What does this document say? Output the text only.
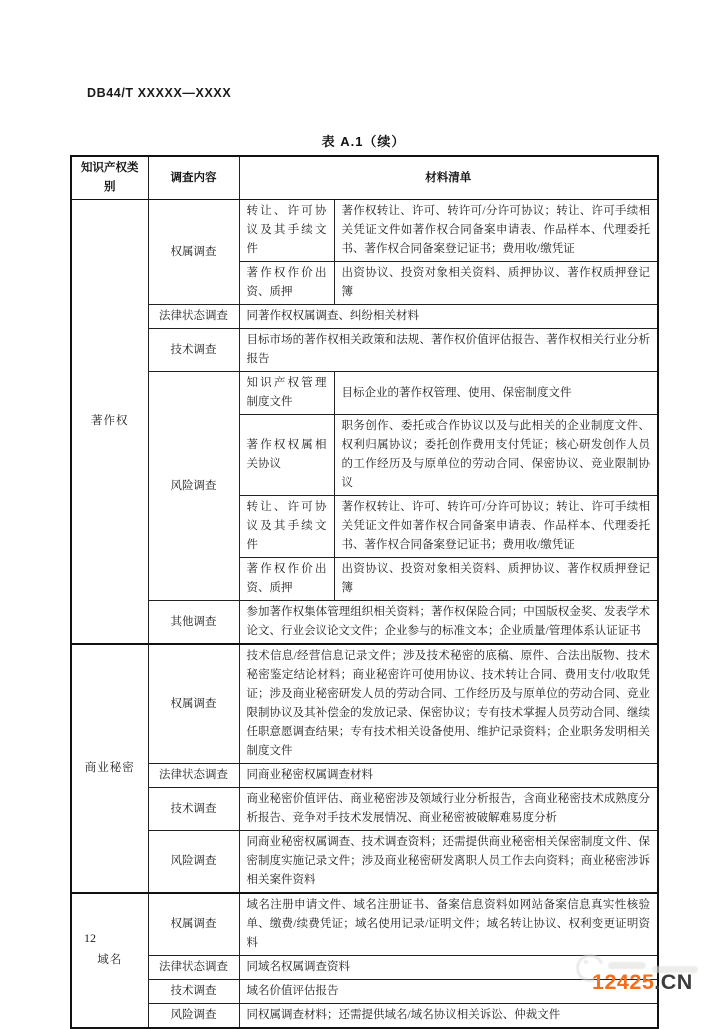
DB44/T XXXXX—XXXX
表 A.1（续）
知识产权类别	调查内容	材料清单	
著作权	权属调查	转让、许可协议及其手续文件	著作权转让、许可、转许可/分许可协议；转让、许可手续相关凭证文件如著作权合同备案申请表、作品样本、代理委托书、著作权合同备案登记证书；费用收/缴凭证
		著作权作价出资、质押	出资协议、投资对象相关资料、质押协议、著作权质押登记簿
	法律状态调查	同著作权权属调查、纠纷相关材料	
	技术调查	目标市场的著作权相关政策和法规、著作权价值评估报告、著作权相关行业分析报告	
	风险调查	知识产权管理制度文件	目标企业的著作权管理、使用、保密制度文件
		著作权权属相关协议	职务创作、委托或合作协议以及与此相关的企业制度文件、权利归属协议；委托创作费用支付凭证；核心研发创作人员的工作经历及与原单位的劳动合同、保密协议、竞业限制协议
		转让、许可协议及其手续文件	著作权转让、许可、转许可/分许可协议；转让、许可手续相关凭证文件如著作权合同备案申请表、作品样本、代理委托书、著作权合同备案登记证书；费用收/缴凭证
		著作权作价出资、质押	出资协议、投资对象相关资料、质押协议、著作权质押登记簿
	其他调查	参加著作权集体管理组织相关资料；著作权保险合同；中国版权金奖、发表学术论文、行业会议论文文件；企业参与的标准文本；企业质量/管理体系认证证书	
商业秘密	权属调查	技术信息/经营信息记录文件；涉及技术秘密的底稿、原件、合法出版物、技术秘密鉴定结论材料；商业秘密许可使用协议、技术转让合同、费用支付/收取凭证；涉及商业秘密研发人员的劳动合同、工作经历及与原单位的劳动合同、竞业限制协议及其补偿金的发放记录、保密协议；专有技术掌握人员劳动合同、继续任职意愿调查结果；专有技术相关设备使用、维护记录资料；企业职务发明相关制度文件	
	法律状态调查	同商业秘密权属调查材料	
	技术调查	商业秘密价值评估、商业秘密涉及领域行业分析报告，含商业秘密技术成熟度分析报告、竞争对手技术发展情况、商业秘密被破解难易度分析	
	风险调查	同商业秘密权属调查、技术调查资料；还需提供商业秘密相关保密制度文件、保密制度实施记录文件；涉及商业秘密研发离职人员工作去向资料；商业秘密涉诉相关案件资料	
域名	权属调查	域名注册申请文件、域名注册证书、备案信息资料如网站备案信息真实性核验单、缴费/续费凭证；域名使用记录/证明文件；域名转让协议、权利变更证明资料	
	法律状态调查	同域名权属调查资料	
	技术调查	域名价值评估报告	
	风险调查	同权属调查材料；还需提供域名/域名协议相关诉讼、仲裁文件	
12
12425.CN
